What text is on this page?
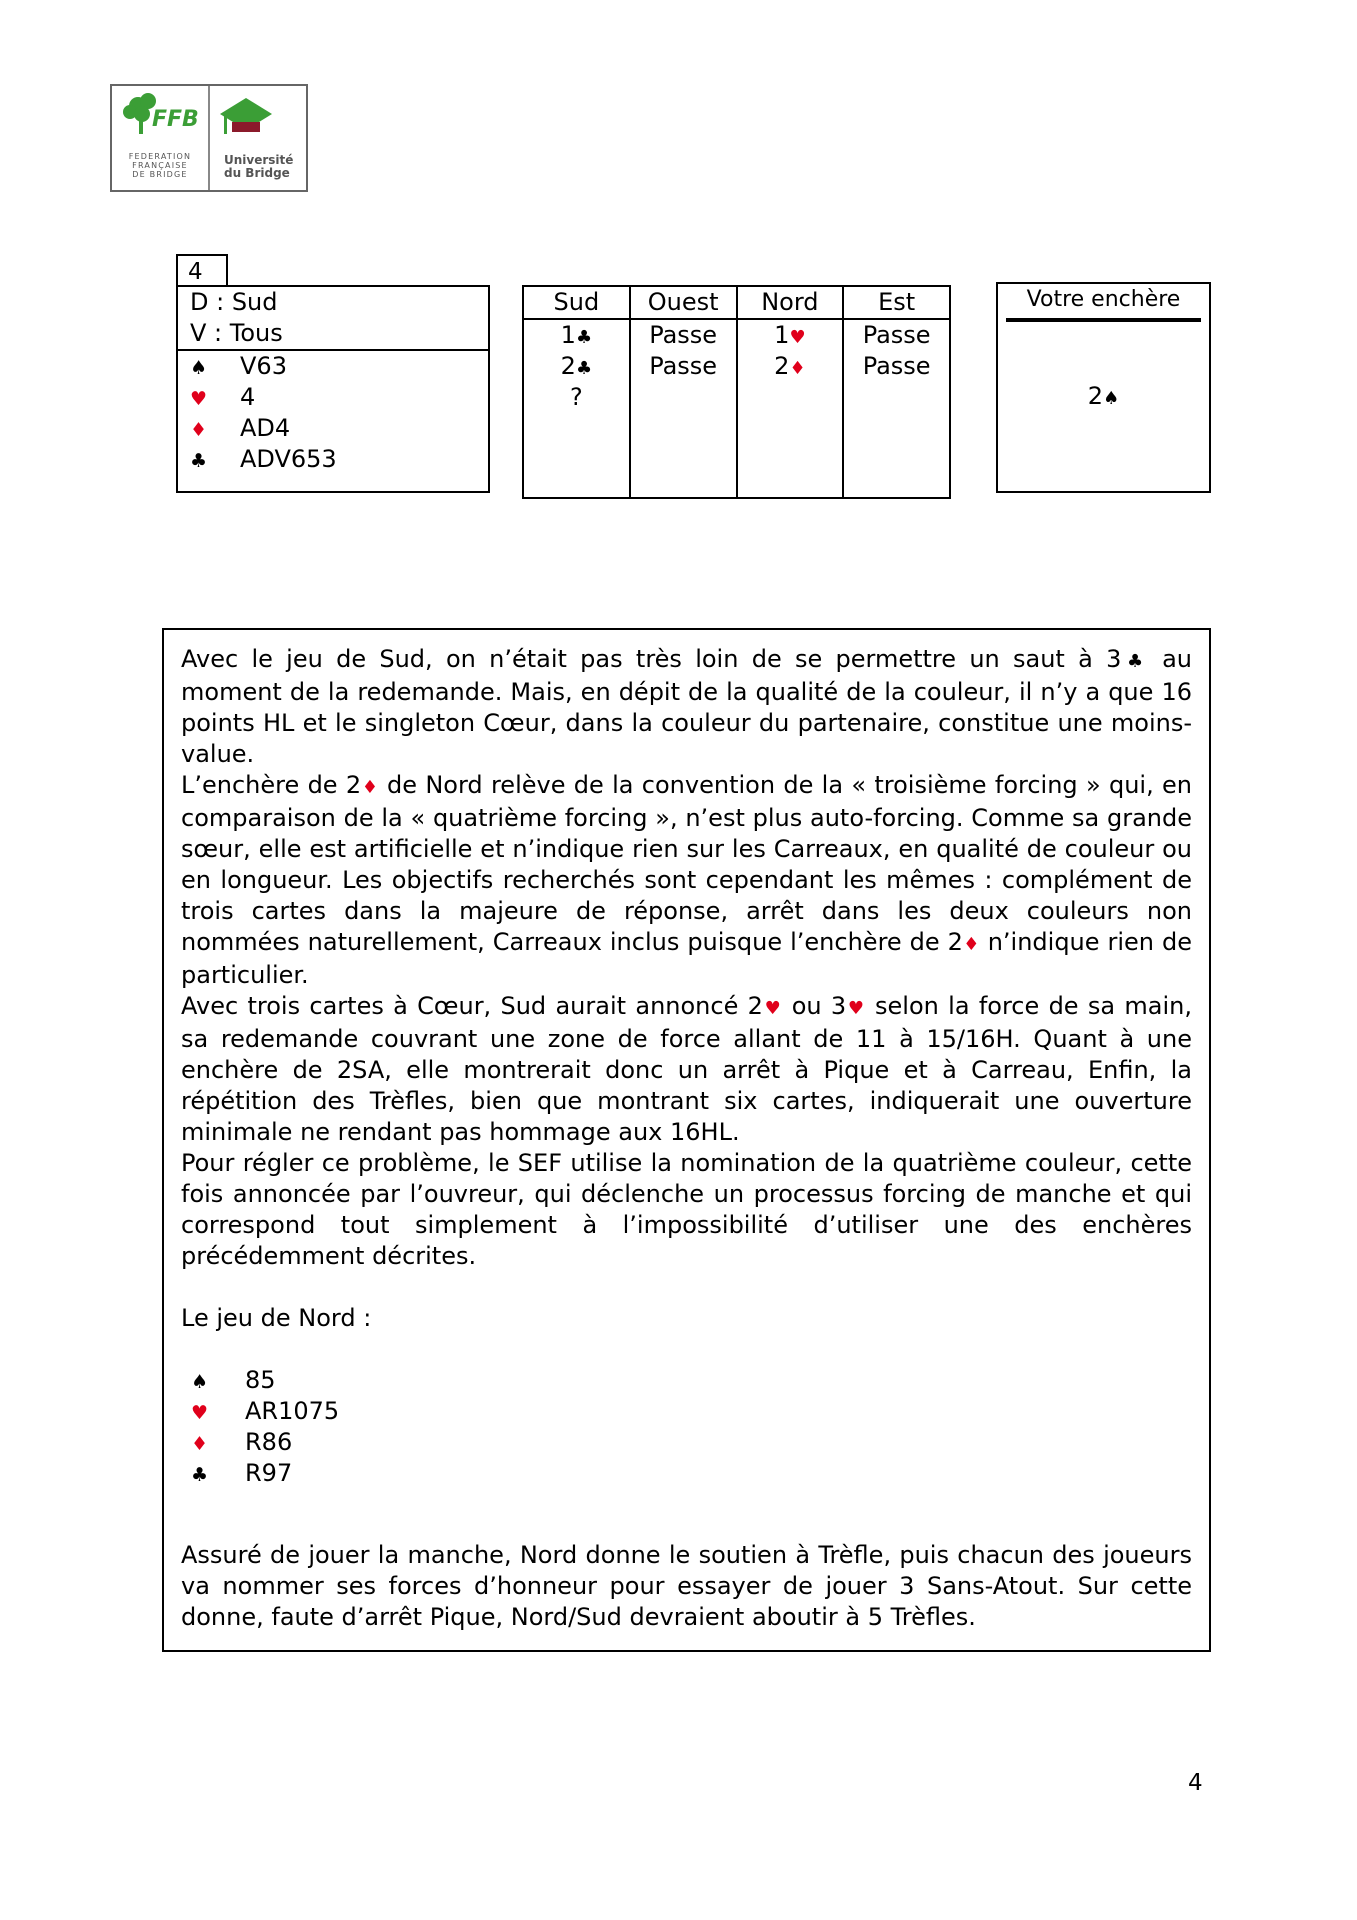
FFB
FEDERATION
FRANÇAISE
DE BRIDGE
Université
du Bridge
4
D : Sud
V : Tous
♠ V63
♥ 4
♦ AD4
♣ ADV653
Sud
1♣
2♣
?
Ouest
Passe
Passe
Nord
1♥
2♦
Est
Passe
Passe
Votre enchère
2♠

Avec le jeu de Sud, on n’était pas très loin de se permettre un saut à 3♣ au moment de la redemande. Mais, en dépit de la qualité de la couleur, il n’y a que 16 points HL et le singleton Cœur, dans la couleur du partenaire, constitue une moins-value.

L’enchère de 2♦ de Nord relève de la convention de la « troisième forcing » qui, en comparaison de la « quatrième forcing », n’est plus auto-forcing. Comme sa grande sœur, elle est artificielle et n’indique rien sur les Carreaux, en qualité de couleur ou en longueur. Les objectifs recherchés sont cependant les mêmes : complément de trois cartes dans la majeure de réponse, arrêt dans les deux couleurs non nommées naturellement, Carreaux inclus puisque l’enchère de 2♦ n’indique rien de particulier.

Avec trois cartes à Cœur, Sud aurait annoncé 2♥ ou 3♥ selon la force de sa main, sa redemande couvrant une zone de force allant de 11 à 15/16H. Quant à une enchère de 2SA, elle montrerait donc un arrêt à Pique et à Carreau, Enfin, la répétition des Trèfles, bien que montrant six cartes, indiquerait une ouverture minimale ne rendant pas hommage aux 16HL.

Pour régler ce problème, le SEF utilise la nomination de la quatrième couleur, cette fois annoncée par l’ouvreur, qui déclenche un processus forcing de manche et qui correspond tout simplement à l’impossibilité d’utiliser une des enchères précédemment décrites.

Le jeu de Nord :

♠ 85
♥ AR1075
♦ R86
♣ R97

Assuré de jouer la manche, Nord donne le soutien à Trèfle, puis chacun des joueurs va nommer ses forces d’honneur pour essayer de jouer 3 Sans-Atout. Sur cette donne, faute d’arrêt Pique, Nord/Sud devraient aboutir à 5 Trèfles.

4
